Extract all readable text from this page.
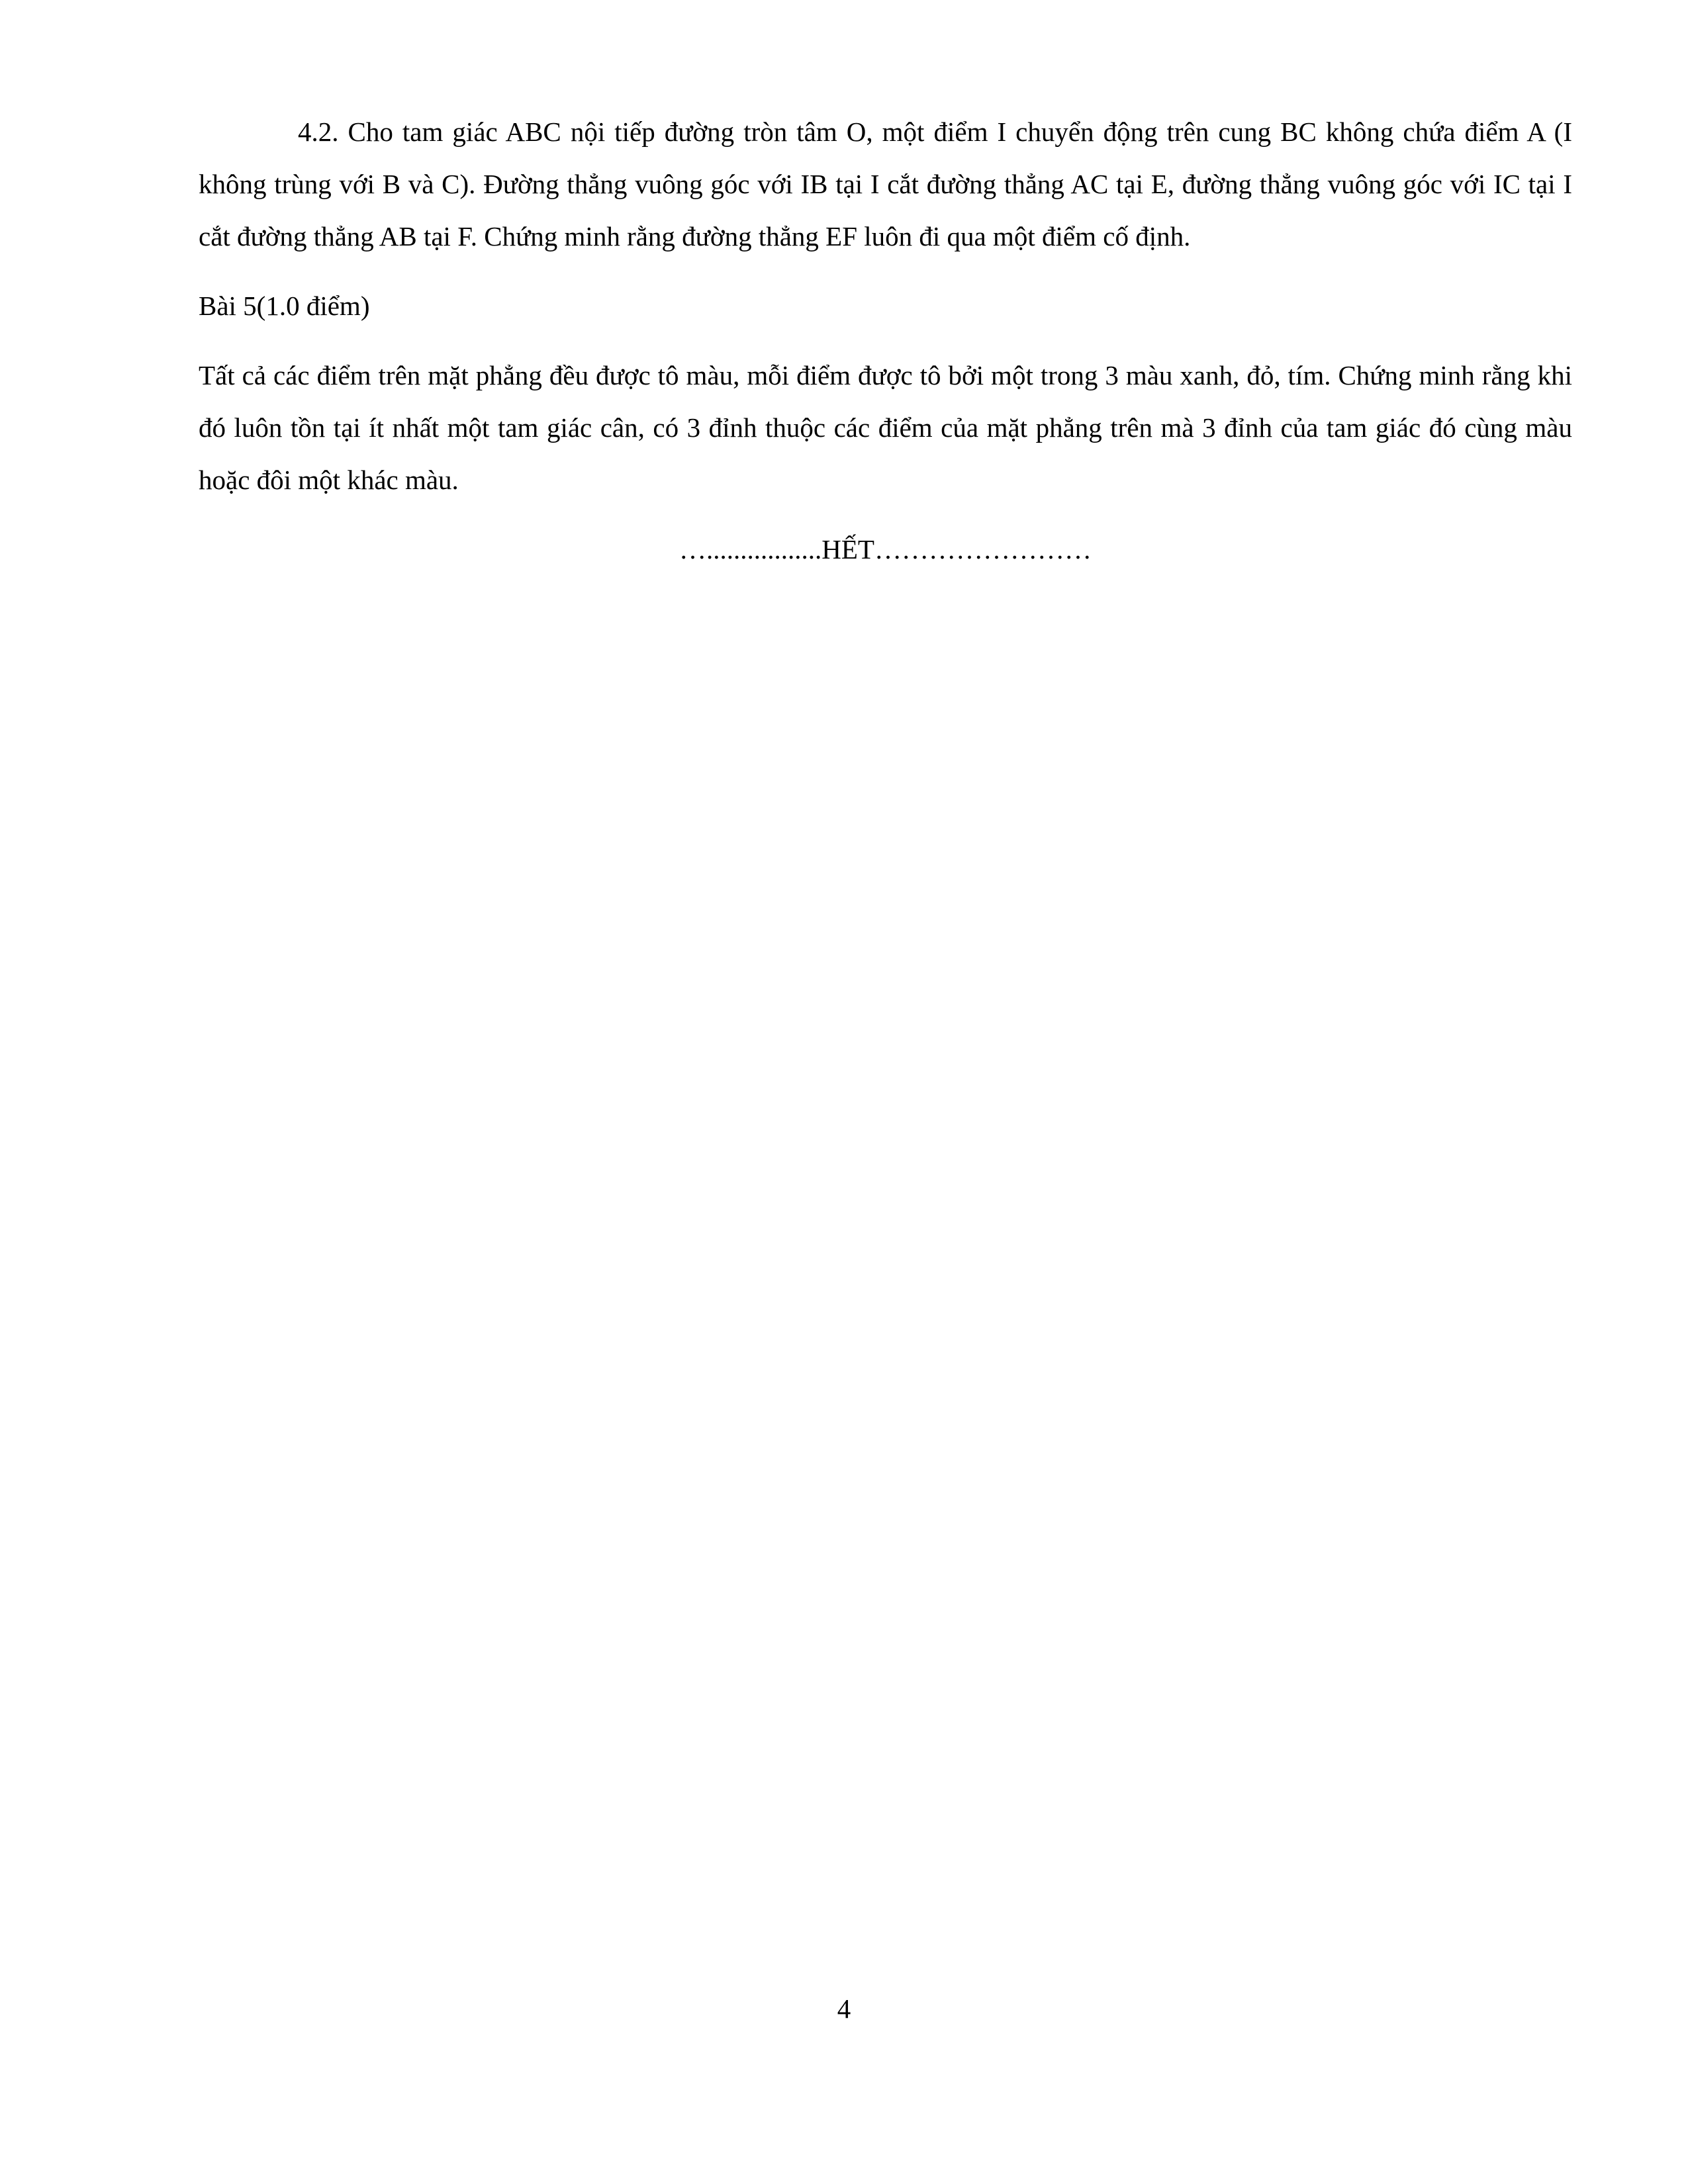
4.2. Cho tam giác ABC nội tiếp đường tròn tâm O, một điểm I chuyển động trên cung BC không chứa điểm A (I không trùng với B và C). Đường thẳng vuông góc với IB tại I cắt đường thẳng AC tại E, đường thẳng vuông góc với IC tại I cắt đường thẳng AB tại F. Chứng minh rằng đường thẳng EF luôn đi qua một điểm cố định.

Bài 5(1.0 điểm)

Tất cả các điểm trên mặt phẳng đều được tô màu, mỗi điểm được tô bởi một trong 3 màu xanh, đỏ, tím. Chứng minh rằng khi đó luôn tồn tại ít nhất một tam giác cân, có 3 đỉnh thuộc các điểm của mặt phẳng trên mà 3 đỉnh của tam giác đó cùng màu hoặc đôi một khác màu.

….................HẾT……………………

4
